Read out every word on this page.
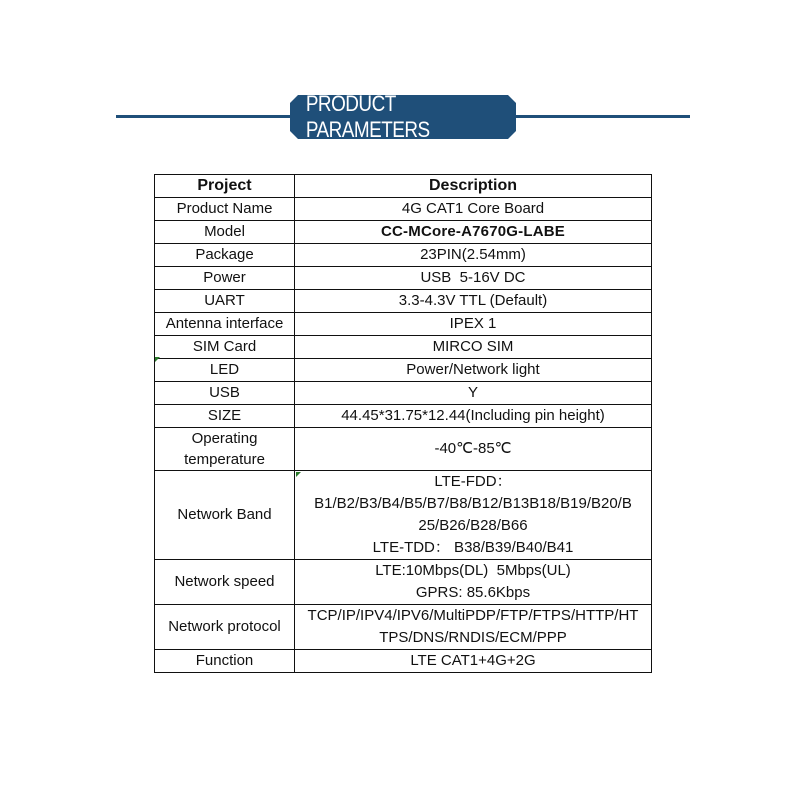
PRODUCT PARAMETERS
Project	Description
Product Name	4G CAT1 Core Board
Model	CC-MCore-A7670G-LABE
Package	23PIN(2.54mm)
Power	USB  5-16V DC
UART	3.3-4.3V TTL (Default)
Antenna interface	IPEX 1
SIM Card	MIRCO SIM
LED	Power/Network light
USB	Y
SIZE	44.45*31.75*12.44(Including pin height)
Operating temperature	-40℃-85℃
Network Band	LTE-FDD：
B1/B2/B3/B4/B5/B7/B8/B12/B13B18/B19/B20/B
25/B26/B28/B66
LTE-TDD： B38/B39/B40/B41

Network speed	LTE:10Mbps(DL)  5Mbps(UL)
GPRS: 85.6Kbps

Network protocol	TCP/IP/IPV4/IPV6/MultiPDP/FTP/FTPS/HTTP/HT
TPS/DNS/RNDIS/ECM/PPP

Function	LTE CAT1+4G+2G
